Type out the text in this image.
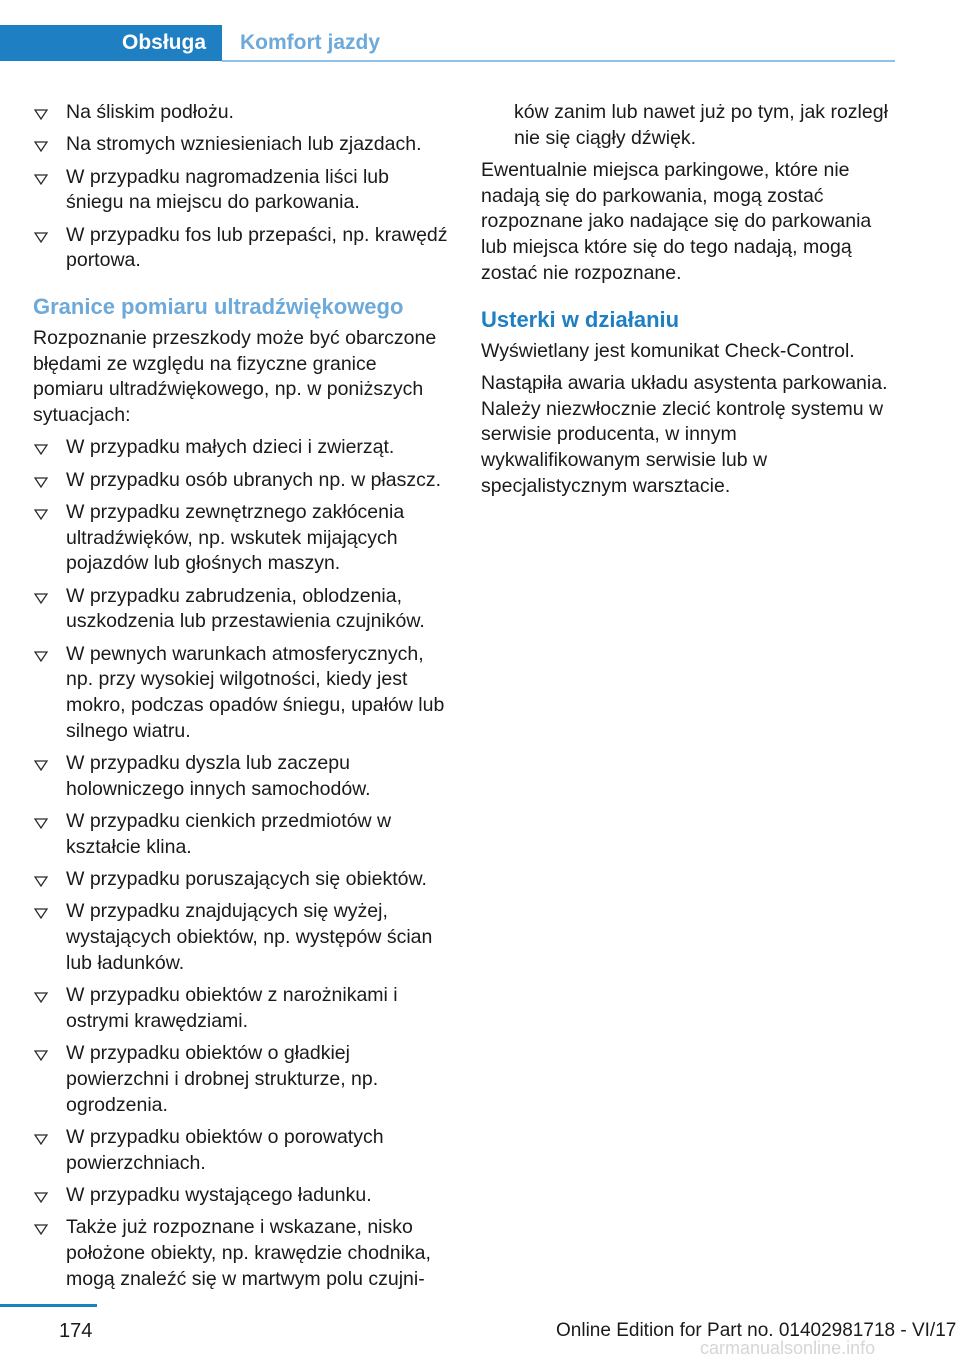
Obsługa Komfort jazdy
Na śliskim podłożu.
Na stromych wzniesieniach lub zjazdach.
W przypadku nagromadzenia liści lub śniegu na miejscu do parkowania.
W przypadku fos lub przepaści, np. krawędź portowa.
Granice pomiaru ultradźwiękowego
Rozpoznanie przeszkody może być obarczone błędami ze względu na fizyczne granice pomiaru ultradźwiękowego, np. w poniższych sytuacjach:
W przypadku małych dzieci i zwierząt.
W przypadku osób ubranych np. w płaszcz.
W przypadku zewnętrznego zakłócenia ultradźwięków, np. wskutek mijających pojazdów lub głośnych maszyn.
W przypadku zabrudzenia, oblodzenia, uszkodzenia lub przestawienia czujników.
W pewnych warunkach atmosferycznych, np. przy wysokiej wilgotności, kiedy jest mokro, podczas opadów śniegu, upałów lub silnego wiatru.
W przypadku dyszla lub zaczepu holowniczego innych samochodów.
W przypadku cienkich przedmiotów w kształcie klina.
W przypadku poruszających się obiektów.
W przypadku znajdujących się wyżej, wystających obiektów, np. występów ścian lub ładunków.
W przypadku obiektów z narożnikami i ostrymi krawędziami.
W przypadku obiektów o gładkiej powierzchni i drobnej strukturze, np. ogrodzenia.
W przypadku obiektów o porowatych powierzchniach.
W przypadku wystającego ładunku.
Także już rozpoznane i wskazane, nisko położone obiekty, np. krawędzie chodnika, mogą znaleźć się w martwym polu czujni-
ków zanim lub nawet już po tym, jak rozległ nie się ciągły dźwięk.
Ewentualnie miejsca parkingowe, które nie nadają się do parkowania, mogą zostać rozpoznane jako nadające się do parkowania lub miejsca które się do tego nadają, mogą zostać nie rozpoznane.
Usterki w działaniu
Wyświetlany jest komunikat Check-Control.
Nastąpiła awaria układu asystenta parkowania. Należy niezwłocznie zlecić kontrolę systemu w serwisie producenta, w innym wykwalifikowanym serwisie lub w specjalistycznym warsztacie.
174	Online Edition for Part no. 01402981718 - VI/17
carmanualsonline.info
